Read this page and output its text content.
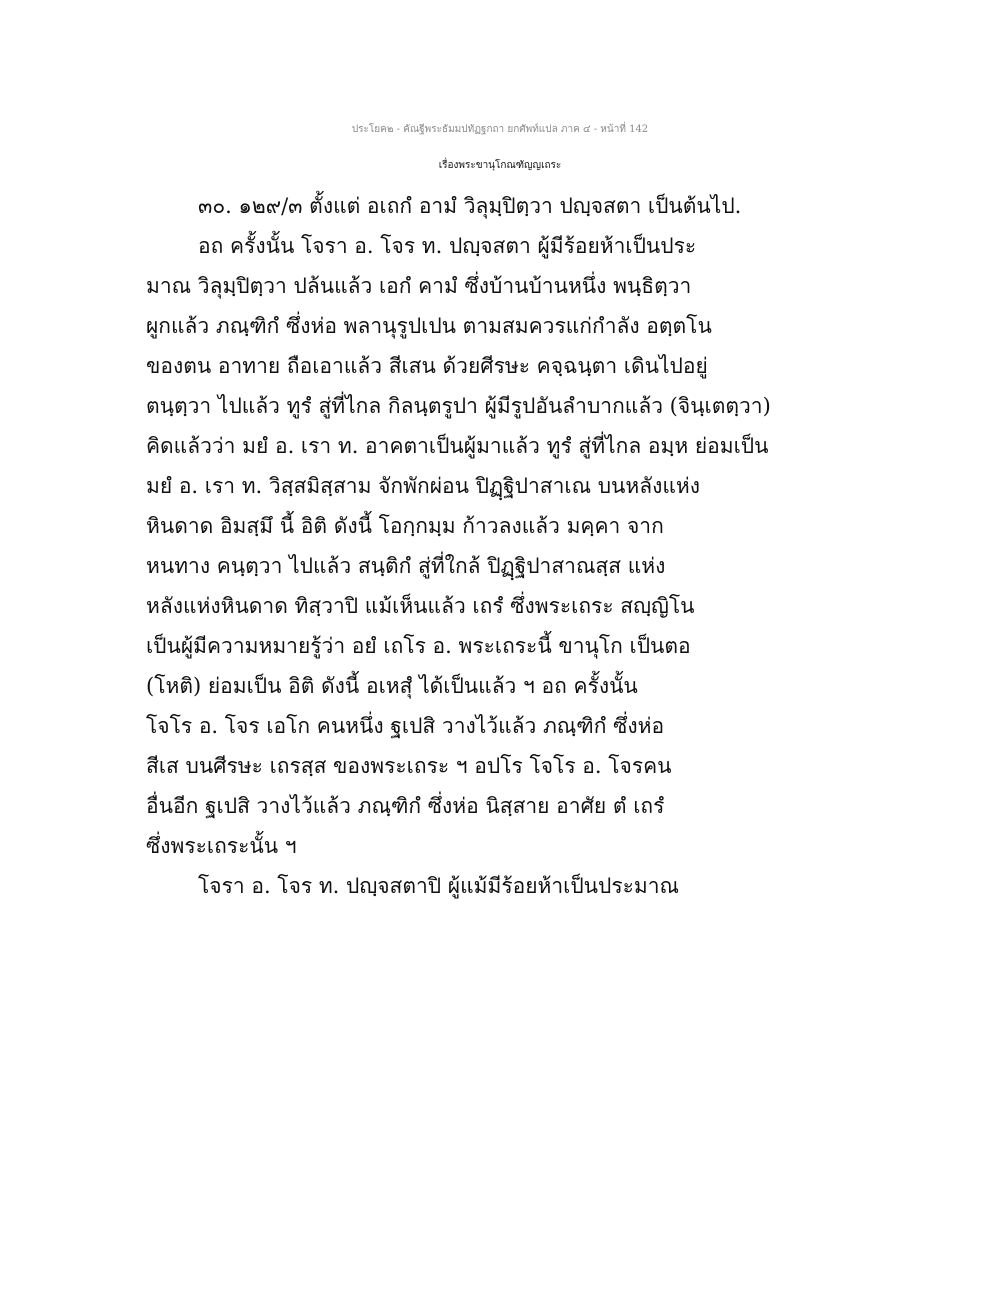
ประโยค๒ - คัณฐีพระธัมมปทัฏฐกถา ยกศัพท์แปล ภาค ๔ - หน้าที่ 142
เรื่องพระขานุโกณฑัญญเถระ
๓๐. ๑๒๙/๓ ตั้งแต่ อเถกํ อามํ วิลุมฺปิตฺวา ปญฺจสตา เป็นต้นไป.
อถ ครั้งนั้น โจรา อ. โจร ท. ปญฺจสตา ผู้มีร้อยห้าเป็นประ
มาณ วิลุมฺปิตฺวา ปล้นแล้ว เอกํ คามํ ซึ่งบ้านบ้านหนึ่ง พนฺธิตฺวา
ผูกแล้ว ภณฺฑิกํ ซึ่งห่อ พลานุรูปเปน ตามสมควรแก่กำลัง อตฺตโน
ของตน อาทาย ถือเอาแล้ว สีเสน ด้วยศีรษะ คจฺฉนฺตา เดินไปอยู่
ตนฺตฺวา ไปแล้ว ทูรํ สู่ที่ไกล กิลนฺตรูปา ผู้มีรูปอันลำบากแล้ว (จินฺเตตฺวา)
คิดแล้วว่า มยํ อ. เรา ท. อาคตาเป็นผู้มาแล้ว ทูรํ สู่ที่ไกล อมฺห ย่อมเป็น
มยํ อ. เรา ท. วิสฺสมิสฺสาม จักพักผ่อน ปิฏฺฐิปาสาเณ บนหลังแห่ง
หินดาด อิมสฺมึ นี้ อิติ ดังนี้ โอกฺกมฺม ก้าวลงแล้ว มคฺคา จาก
หนทาง คนฺตฺวา ไปแล้ว สนฺติกํ สู่ที่ใกล้ ปิฏฺฐิปาสาณสฺส แห่ง
หลังแห่งหินดาด ทิสฺวาปิ แม้เห็นแล้ว เถรํ ซึ่งพระเถระ สญฺญิโน
เป็นผู้มีความหมายรู้ว่า อยํ เถโร อ. พระเถระนี้ ขานุโก เป็นตอ
(โหติ) ย่อมเป็น อิติ ดังนี้ อเหสุํ ได้เป็นแล้ว ฯ อถ ครั้งนั้น
โจโร อ. โจร เอโก คนหนึ่ง ฐเปสิ วางไว้แล้ว ภณฺฑิกํ ซึ่งห่อ
สีเส บนศีรษะ เถรสฺส ของพระเถระ ฯ อปโร โจโร อ. โจรคน
อื่นอีก ฐเปสิ วางไว้แล้ว ภณฺฑิกํ ซึ่งห่อ นิสฺสาย อาศัย ตํ เถรํ
ซึ่งพระเถระนั้น ฯ
โจรา อ. โจร ท. ปญฺจสตาปิ ผู้แม้มีร้อยห้าเป็นประมาณ
